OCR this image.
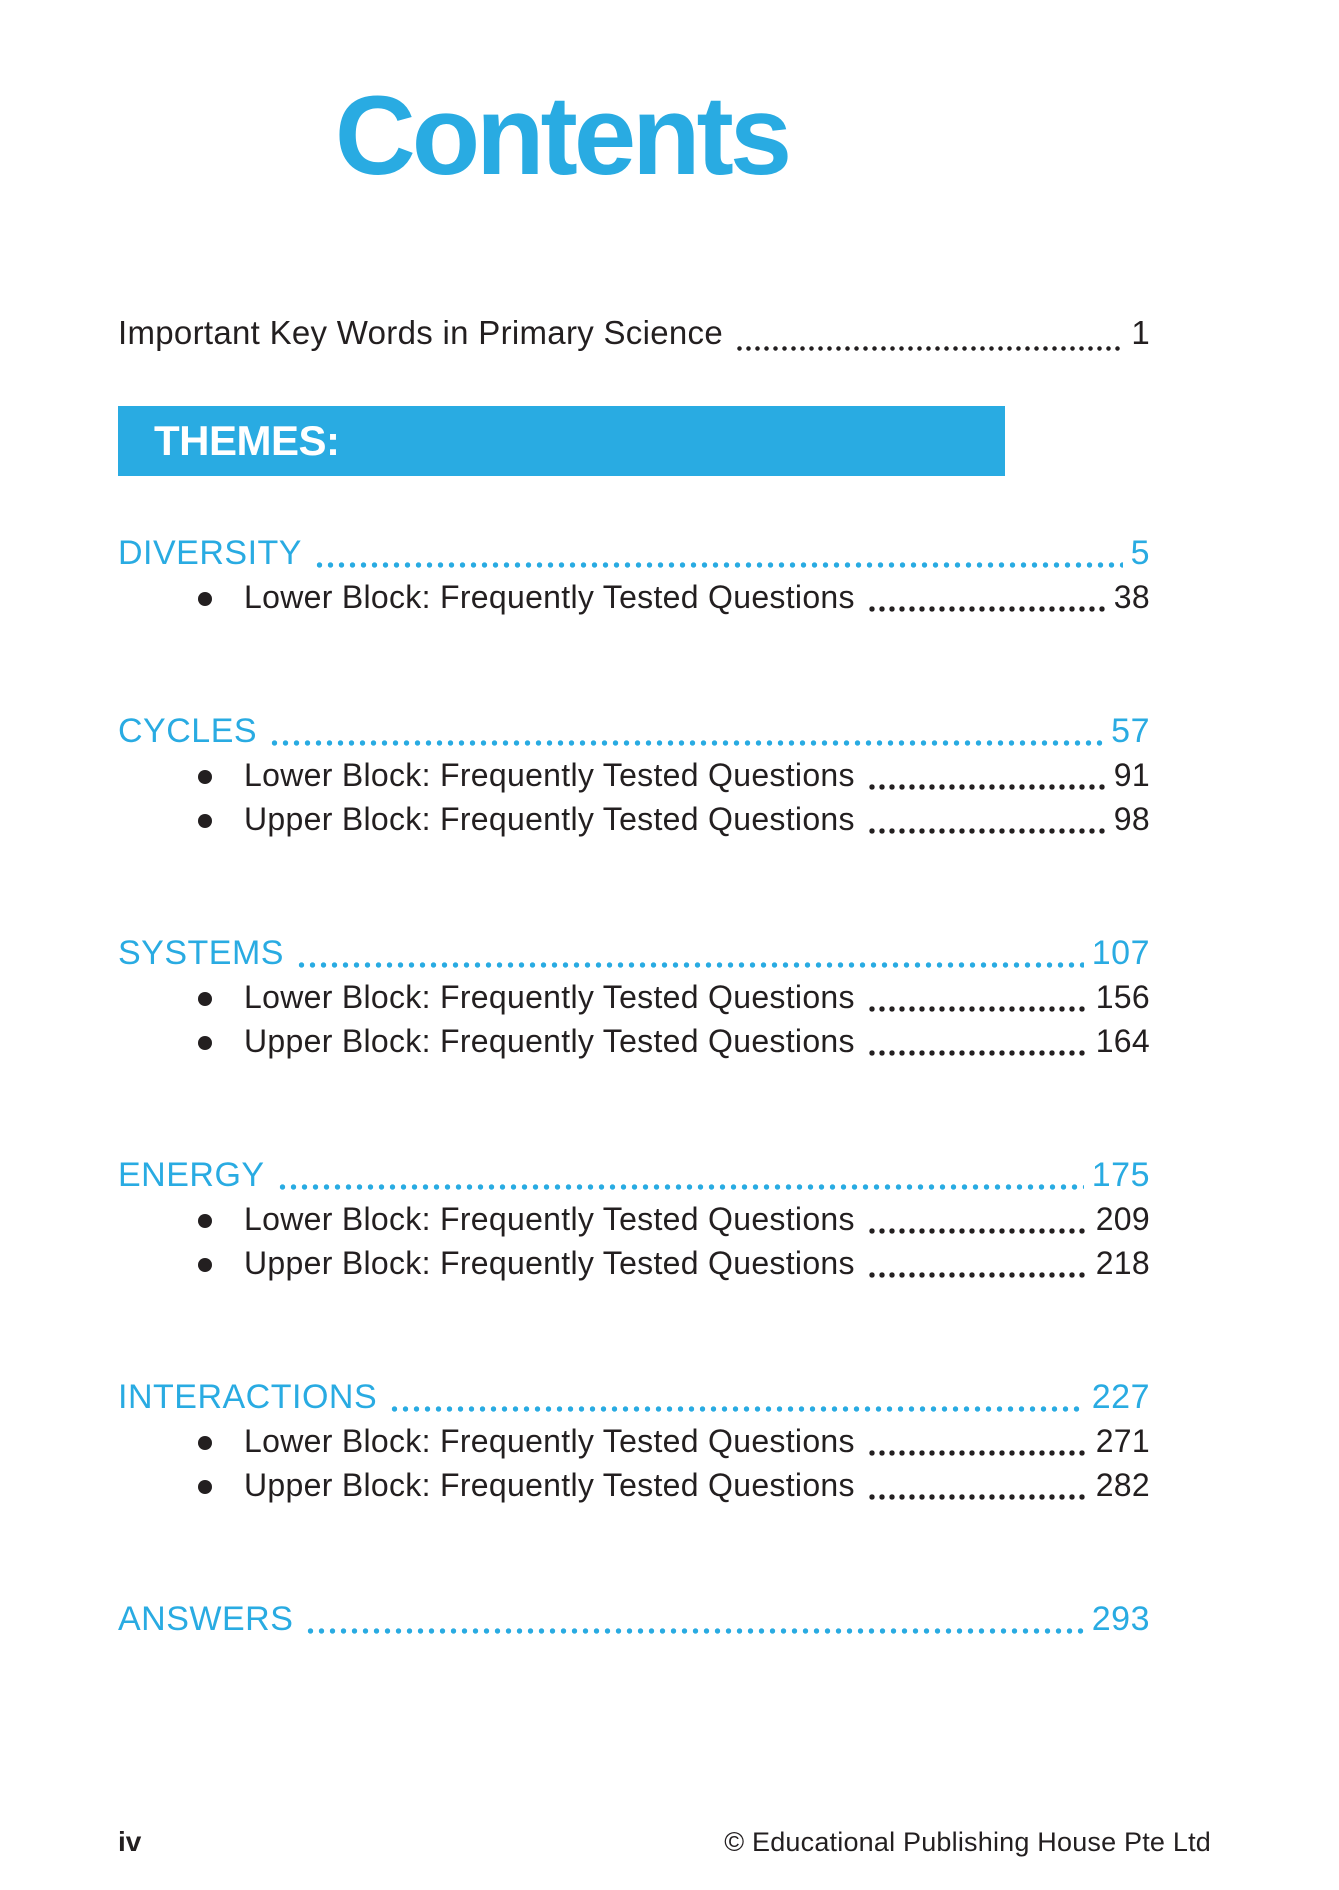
Contents
Important Key Words in Primary Science	1
THEMES:
DIVERSITY	5
Lower Block: Frequently Tested Questions	38
CYCLES	57
Lower Block: Frequently Tested Questions	91
Upper Block: Frequently Tested Questions	98
SYSTEMS	107
Lower Block: Frequently Tested Questions	156
Upper Block: Frequently Tested Questions	164
ENERGY	175
Lower Block: Frequently Tested Questions	209
Upper Block: Frequently Tested Questions	218
INTERACTIONS	227
Lower Block: Frequently Tested Questions	271
Upper Block: Frequently Tested Questions	282
ANSWERS	293
iv	© Educational Publishing House Pte Ltd
